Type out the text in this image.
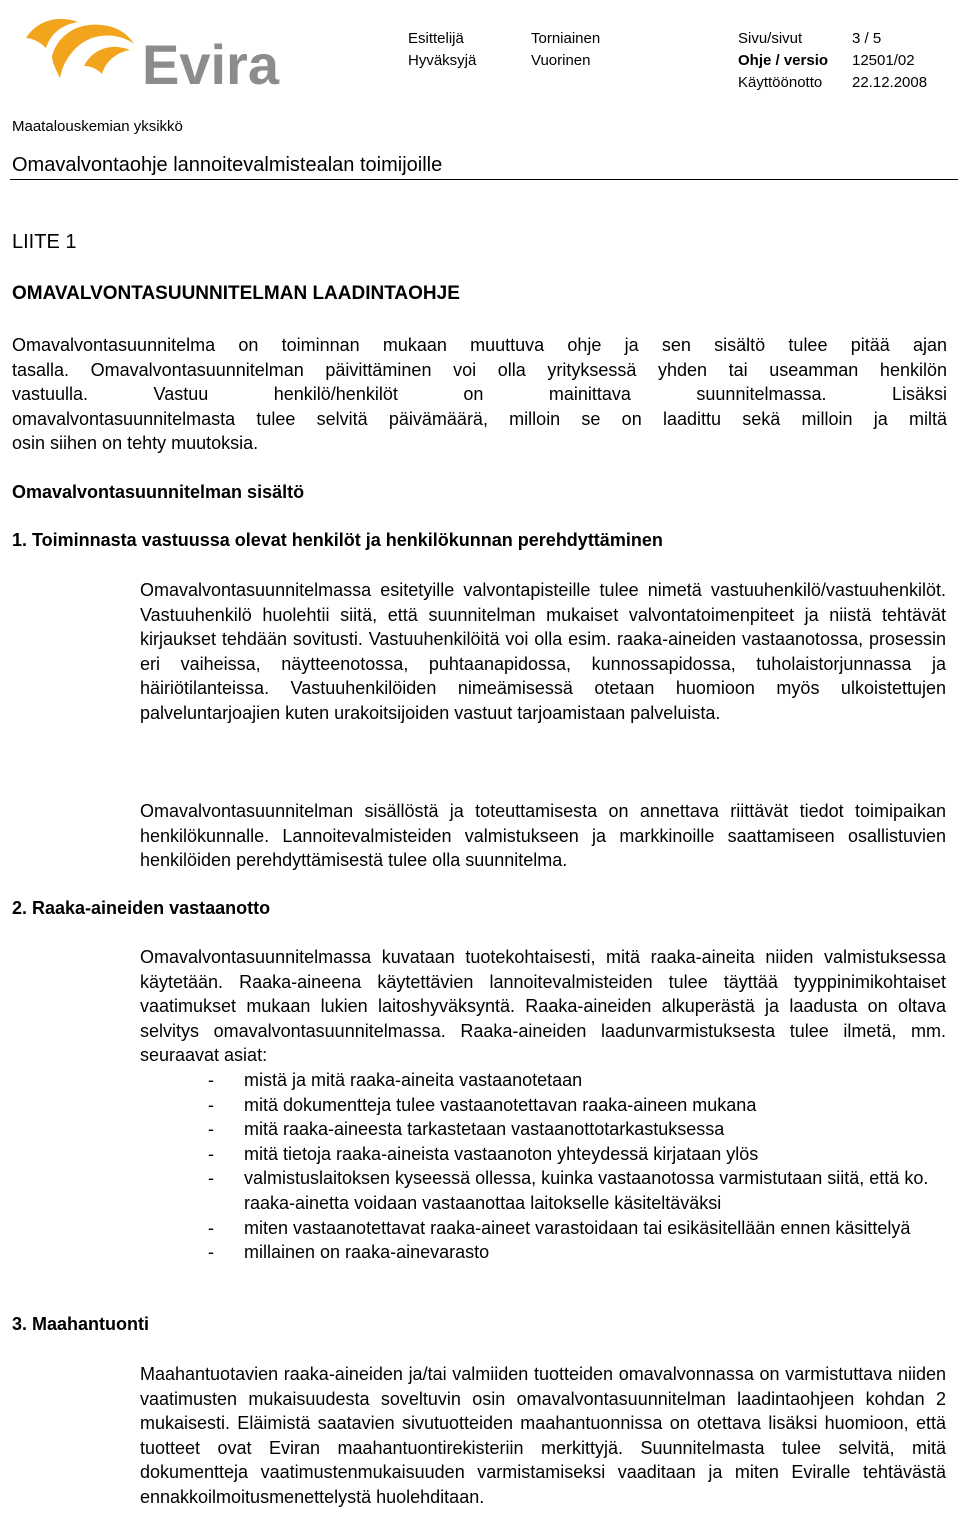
Evira	Esittelijä	Torniainen	Sivu/sivut	3 / 5
Hyväksyjä	Vuorinen	Ohje / versio 12501/02
Käyttöönotto 22.12.2008
Maatalouskemian yksikkö
Omavalvontaohje lannoitevalmistealan toimijoille
LIITE 1
OMAVALVONTASUUNNITELMAN LAADINTAOHJE
Omavalvontasuunnitelma on toiminnan mukaan muuttuva ohje ja sen sisältö tulee pitää ajan
tasalla. Omavalvontasuunnitelman päivittäminen voi olla yrityksessä yhden tai useamman henkilön
vastuulla. Vastuu henkilö/henkilöt on mainittava suunnitelmassa. Lisäksi
omavalvontasuunnitelmasta tulee selvitä päivämäärä, milloin se on laadittu sekä milloin ja miltä
osin siihen on tehty muutoksia.
Omavalvontasuunnitelman sisältö
1. Toiminnasta vastuussa olevat henkilöt ja henkilökunnan perehdyttäminen
Omavalvontasuunnitelmassa esitetyille valvontapisteille tulee nimetä vastuuhenkilö/vastuuhenkilöt. Vastuuhenkilö huolehtii siitä, että suunnitelman mukaiset valvontatoimenpiteet ja niistä tehtävät kirjaukset tehdään sovitusti. Vastuuhenkilöitä voi olla esim. raaka-aineiden vastaanotossa, prosessin eri vaiheissa, näytteenotossa, puhtaanapidossa, kunnossapidossa, tuholaistorjunnassa ja häiriötilanteissa. Vastuuhenkilöiden nimeämisessä otetaan huomioon myös ulkoistettujen palveluntarjoajien kuten urakoitsijoiden vastuut tarjoamistaan palveluista.
Omavalvontasuunnitelman sisällöstä ja toteuttamisesta on annettava riittävät tiedot toimipaikan henkilökunnalle. Lannoitevalmisteiden valmistukseen ja markkinoille saattamiseen osallistuvien henkilöiden perehdyttämisestä tulee olla suunnitelma.
2. Raaka-aineiden vastaanotto
Omavalvontasuunnitelmassa kuvataan tuotekohtaisesti, mitä raaka-aineita niiden valmistuksessa käytetään. Raaka-aineena käytettävien lannoitevalmisteiden tulee täyttää tyyppinimikohtaiset vaatimukset mukaan lukien laitoshyväksyntä. Raaka-aineiden alkuperästä ja laadusta on oltava selvitys omavalvontasuunnitelmassa. Raaka-aineiden laadunvarmistuksesta tulee ilmetä, mm. seuraavat asiat:
- mistä ja mitä raaka-aineita vastaanotetaan
- mitä dokumentteja tulee vastaanotettavan raaka-aineen mukana
- mitä raaka-aineesta tarkastetaan vastaanottotarkastuksessa
- mitä tietoja raaka-aineista vastaanoton yhteydessä kirjataan ylös
- valmistuslaitoksen kyseessä ollessa, kuinka vastaanotossa varmistutaan siitä, että ko. raaka-ainetta voidaan vastaanottaa laitokselle käsiteltäväksi
- miten vastaanotettavat raaka-aineet varastoidaan tai esikäsitellään ennen käsittelyä
- millainen on raaka-ainevarasto
3. Maahantuonti
Maahantuotavien raaka-aineiden ja/tai valmiiden tuotteiden omavalvonnassa on varmistuttava niiden vaatimusten mukaisuudesta soveltuvin osin omavalvontasuunnitelman laadintaohjeen kohdan 2 mukaisesti. Eläimistä saatavien sivutuotteiden maahantuonnissa on otettava lisäksi huomioon, että tuotteet ovat Eviran maahantuontirekisteriin merkittyjä. Suunnitelmasta tulee selvitä, mitä dokumentteja vaatimustenmukaisuuden varmistamiseksi vaaditaan ja miten Eviralle tehtävästä ennakkoilmoitusmenettelystä huolehditaan.
